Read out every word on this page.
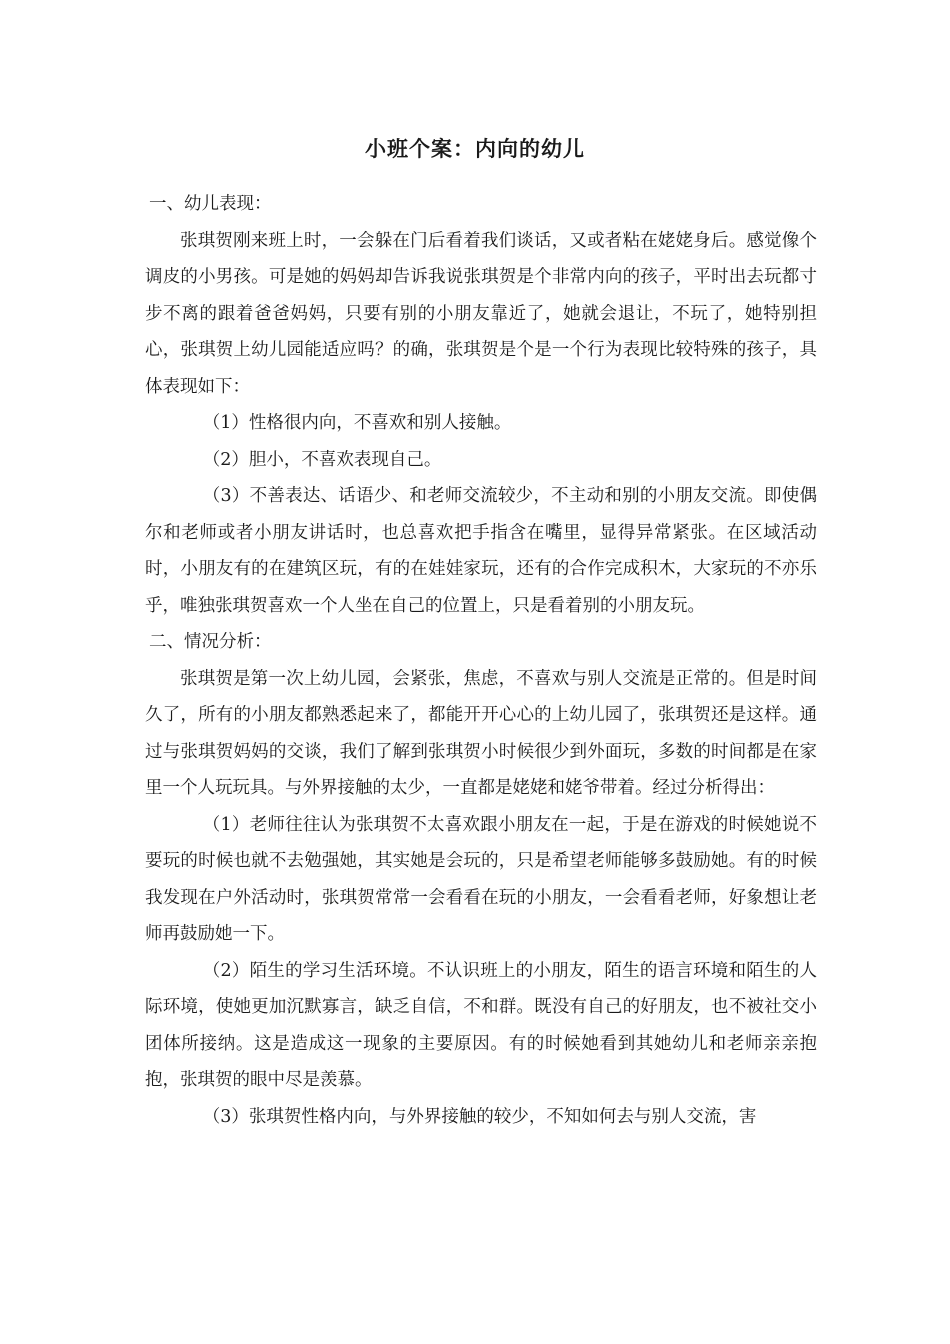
小班个案：内向的幼儿

一、幼儿表现：

张琪贺刚来班上时，一会躲在门后看着我们谈话，又或者粘在姥姥身后。感觉像个调皮的小男孩。可是她的妈妈却告诉我说张琪贺是个非常内向的孩子，平时出去玩都寸步不离的跟着爸爸妈妈，只要有别的小朋友靠近了，她就会退让，不玩了，她特别担心，张琪贺上幼儿园能适应吗？的确，张琪贺是个是一个行为表现比较特殊的孩子，具体表现如下：

（1）性格很内向，不喜欢和别人接触。

（2）胆小，不喜欢表现自己。

（3）不善表达、话语少、和老师交流较少，不主动和别的小朋友交流。即使偶尔和老师或者小朋友讲话时，也总喜欢把手指含在嘴里，显得异常紧张。在区域活动时，小朋友有的在建筑区玩，有的在娃娃家玩，还有的合作完成积木，大家玩的不亦乐乎，唯独张琪贺喜欢一个人坐在自己的位置上，只是看着别的小朋友玩。

二、情况分析：

张琪贺是第一次上幼儿园，会紧张，焦虑，不喜欢与别人交流是正常的。但是时间久了，所有的小朋友都熟悉起来了，都能开开心心的上幼儿园了，张琪贺还是这样。通过与张琪贺妈妈的交谈，我们了解到张琪贺小时候很少到外面玩，多数的时间都是在家里一个人玩玩具。与外界接触的太少，一直都是姥姥和姥爷带着。经过分析得出：

（1）老师往往认为张琪贺不太喜欢跟小朋友在一起，于是在游戏的时候她说不要玩的时候也就不去勉强她，其实她是会玩的，只是希望老师能够多鼓励她。有的时候我发现在户外活动时，张琪贺常常一会看看在玩的小朋友，一会看看老师，好象想让老师再鼓励她一下。

（2）陌生的学习生活环境。不认识班上的小朋友，陌生的语言环境和陌生的人际环境，使她更加沉默寡言，缺乏自信，不和群。既没有自己的好朋友，也不被社交小团体所接纳。这是造成这一现象的主要原因。有的时候她看到其她幼儿和老师亲亲抱抱，张琪贺的眼中尽是羡慕。

（3）张琪贺性格内向，与外界接触的较少，不知如何去与别人交流，害
